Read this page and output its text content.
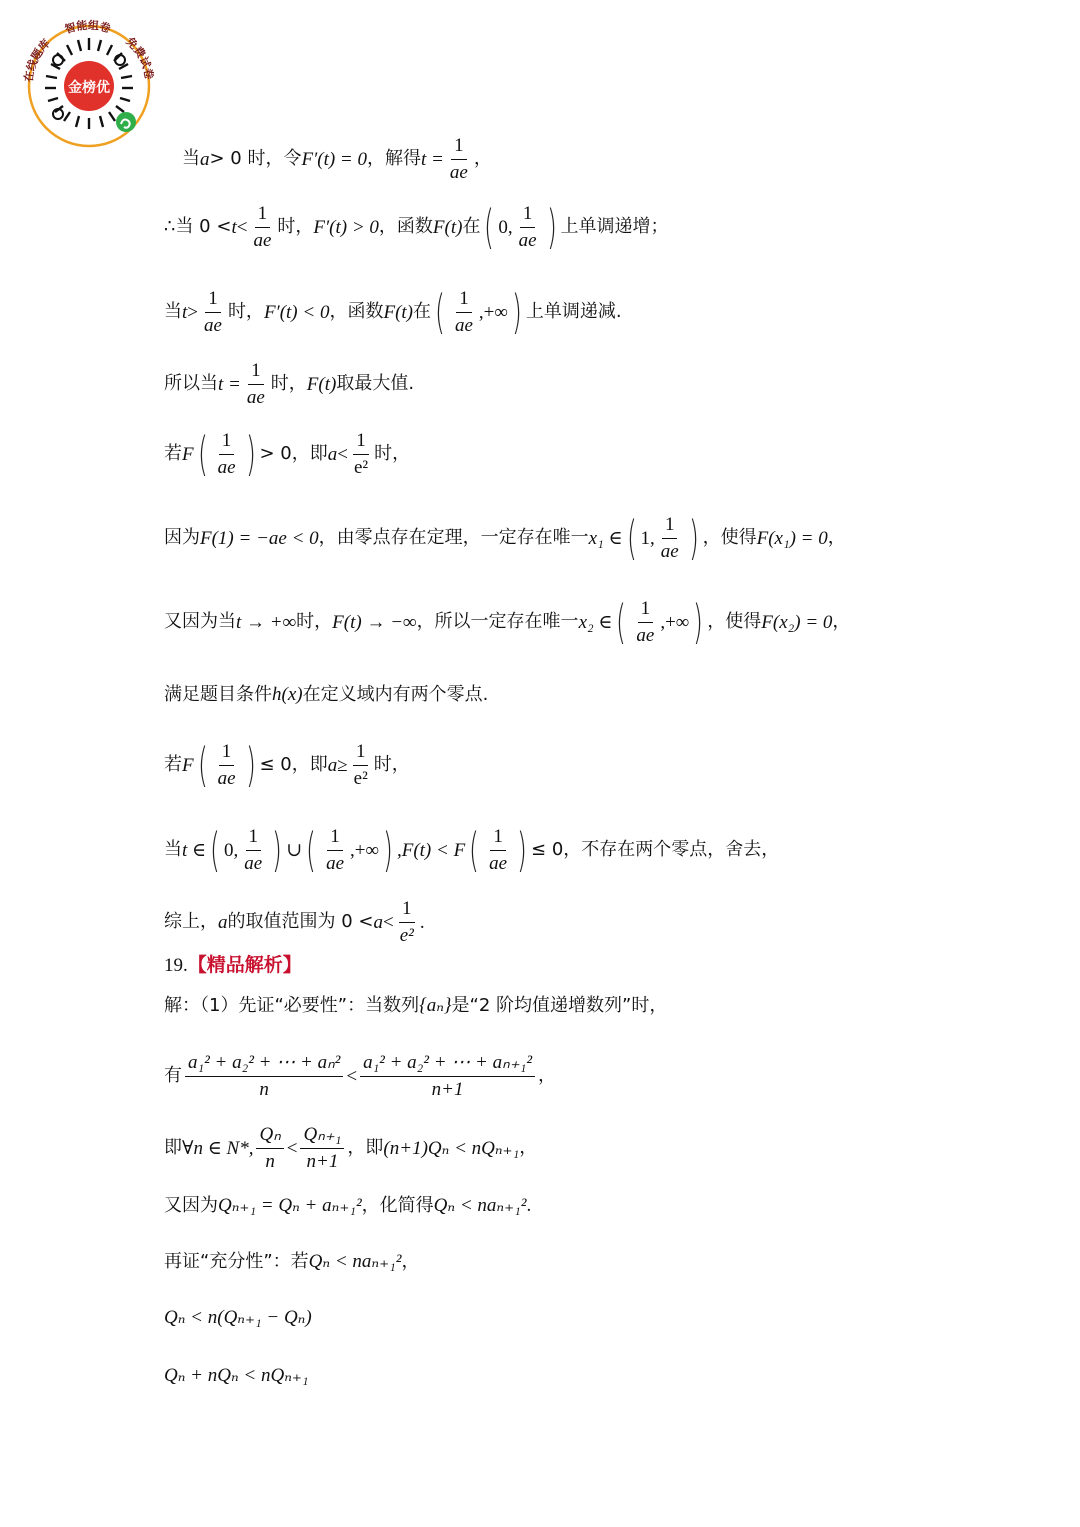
金榜优
在线题库
智能组卷
免费试卷
当 a > 0 时，令 F′(t) = 0 ，解得 $t = \frac{1}{ae}$ ，
∴当 $0 < t < \frac{1}{ae}$ 时， F′(t) > 0 ，函数 F(t) 在 ( 0, $\frac{1}{ae}$ ) 上单调递增；
当 $t > \frac{1}{ae}$ 时， F′(t) < 0 ，函数 F(t) 在 ( $\frac{1}{ae}$ ,+∞ ) 上单调递减.
所以当 $t = \frac{1}{ae}$ 时， F(t) 取最大值.
若 F ( $\frac{1}{ae}$ ) > 0，即 $a < \frac{1}{\text{e²}}$ 时，
因为 F(1) = −ae < 0 ，由零点存在定理，一定存在唯一 x₁ ∈ ( 1, $\frac{1}{ae}$ ) ，使得 F(x₁) = 0 ，
又因为当 t → +∞ 时， F(t) → −∞ ，所以一定存在唯一 x₂ ∈ ( $\frac{1}{ae}$ ,+∞ ) ，使得 F(x₂) = 0 ，
满足题目条件 h(x) 在定义域内有两个零点.
若 F ( $\frac{1}{ae}$ ) ≤ 0，即 $a \ge \frac{1}{\text{e²}}$ 时，
当 t ∈ ( 0, $\frac{1}{ae}$ ) ∪ ( $\frac{1}{ae}$ ,+∞ ) ,F(t) < F ( $\frac{1}{ae}$ ) ≤ 0，不存在两个零点，舍去，
综上， a 的取值范围为 $0 < a < \frac{1}{\text{e²}}$ .
19. 【精品解析】
解：（1）先证“必要性”：当数列 {aₙ} 是“2 阶均值递增数列”时，
有 $\frac{\text{a₁² + a₂² + ⋯ + aₙ²}}{n} < \frac{\text{a₁² + a₂² + ⋯ + aₙ₊₁²}}{n+1}$ ，
即 ∀n ∈ N*, $\frac{\text{Qₙ}}{n} < \frac{\text{Qₙ₊₁}}{n+1}$ ，即 (n+1)Qₙ < nQₙ₊₁ ，
又因为 Qₙ₊₁ = Qₙ + aₙ₊₁² ，化简得 Qₙ < naₙ₊₁² .
再证“充分性”：若 Qₙ < naₙ₊₁² ，
Qₙ < n(Qₙ₊₁ − Qₙ)
Qₙ + nQₙ < nQₙ₊₁
